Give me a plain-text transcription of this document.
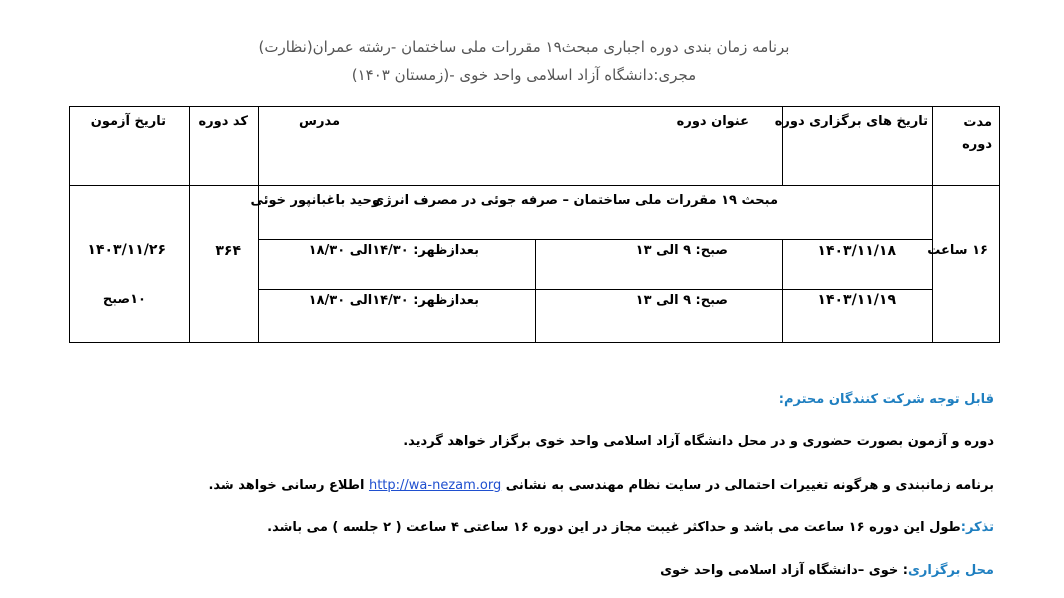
برنامه زمان بندی دوره اجباری مبحث۱۹ مقررات ملی ساختمان -رشته عمران(نظارت)
مجری:دانشگاه آزاد اسلامی واحد خوی -(زمستان ۱۴۰۳)
مدت دوره
تاریخ های برگزاری دوره
عنوان دوره
مدرس
کد دوره
تاریخ آزمون
۱۶ ساعت
مبحث ۱۹ مقررات ملی ساختمان – صرفه جوئی در مصرف انرژی
وحید باغبانپور خوئی
۳۶۴
۱۴۰۳/۱۱/۲۶
۱۰صبح
۱۴۰۳/۱۱/۱۸
صبح: ۹ الی ۱۳
بعدازظهر: ۱۴/۳۰الی ۱۸/۳۰
۱۴۰۳/۱۱/۱۹
صبح: ۹ الی ۱۳
بعدازظهر: ۱۴/۳۰الی ۱۸/۳۰
قابل توجه شرکت کنندگان محترم:
دوره و آزمون بصورت حضوری و در محل دانشگاه آزاد اسلامی واحد خوی برگزار خواهد گردید.
برنامه زمانبندی و هرگونه تغییرات احتمالی در سایت نظام مهندسی به نشانی http://wa-nezam.org اطلاع رسانی خواهد شد.
تذکر:طول این دوره ۱۶ ساعت می باشد و حداکثر غیبت مجاز در این دوره ۱۶ ساعتی ۴ ساعت ( ۲ جلسه ) می باشد.
محل برگزاری: خوی –دانشگاه آزاد اسلامی واحد خوی
